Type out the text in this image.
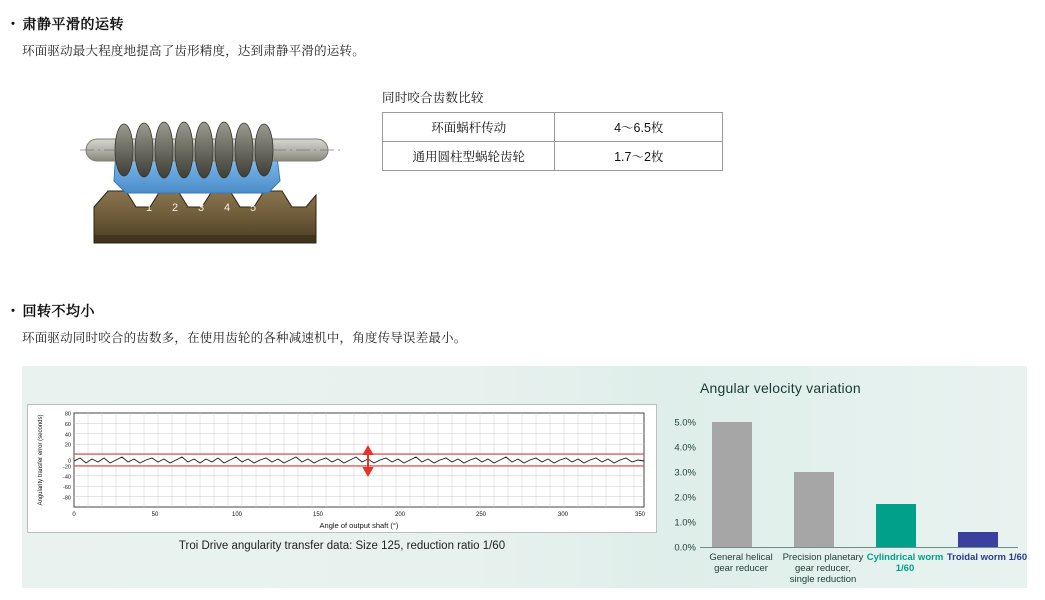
・ 肃静平滑的运转
环面驱动最大程度地提高了齿形精度，达到肃静平滑的运转。
1 2 3 4 5
同时咬合齿数比较
环面蜗杆传动	4～6.5枚
通用圆柱型蜗轮齿轮	1.7～2枚
・ 回转不均小
环面驱动同时咬合的齿数多，在使用齿轮的各种减速机中，角度传导误差最小。
80
60
40
20
0
-20
-40
-60
-80
0	50	100	150	200	250	300	350
Angle of output shaft (°)
Angularity transfer error (seconds)
Troi Drive angularity transfer data: Size 125, reduction ratio 1/60
Angular velocity variation
0.0%
1.0%
2.0%
3.0%
4.0%
5.0%
General helical gear reducer
Precision planetary gear reducer, single reduction
Cylindrical worm 1/60
Troidal worm 1/60
